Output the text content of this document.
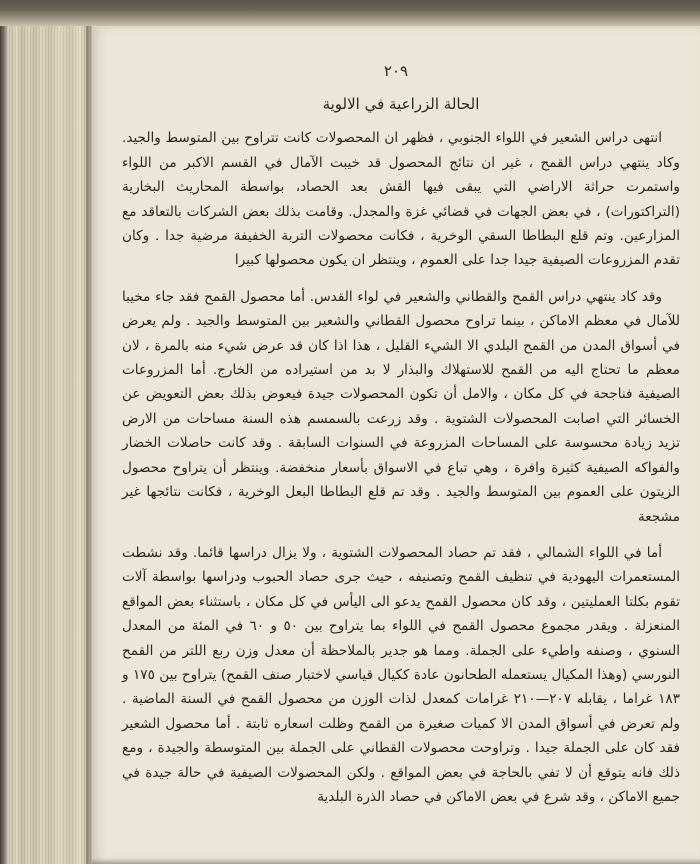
٢٠٩
الحالة الزراعية في الالوية

انتهى دراس الشعير في اللواء الجنوبي ، فظهر ان المحصولات كانت تتراوح بين المتوسط والجيد. وكاد ينتهي دراس القمح ، غير ان نتائج المحصول قد خيبت الآمال في القسم الاكبر من اللواء واستمرت حراثة الاراضي التي يبقى فيها القش بعد الحصاد، بواسطة المحاريث البخارية (التراكتورات) ، في بعض الجهات في قضائي غزة والمجدل. وقامت بذلك بعض الشركات بالتعاقد مع المزارعين. وتم قلع البطاطا السقي الوخرية ، فكانت محصولات التربة الخفيفة مرضية جدا . وكان تقدم المزروعات الصيفية جيدا جدا على العموم ، وينتظر ان يكون محصولها كبيرا

وقد كاد ينتهي دراس القمح والقطاني والشعير في لواء القدس. أما محصول القمح فقد جاء مخيبا للآمال في معظم الاماكن ، بينما تراوح محصول القطاني والشعير بين المتوسط والجيد . ولم يعرض في أسواق المدن من القمح البلدي الا الشيء القليل ، هذا اذا كان قد عرض شيء منه بالمرة ، لان معظم ما تحتاج اليه من القمح للاستهلاك والبذار لا بد من استيراده من الخارج. أما المزروعات الصيفية فناجحة في كل مكان ، والامل أن تكون المحصولات جيدة فيعوض بذلك بعض التعويض عن الخسائر التي اصابت المحصولات الشتوية . وقد زرعت بالسمسم هذه السنة مساحات من الارض تزيد زيادة محسوسة على المساحات المزروعة في السنوات السابقة . وقد كانت حاصلات الخضار والفواكه الصيفية كثيرة وافرة ، وهي تباع في الاسواق بأسعار منخفضة. وينتظر أن يتراوح محصول الزيتون على العموم بين المتوسط والجيد . وقد تم قلع البطاطا البعل الوخرية ، فكانت نتائجها غير مشجعة

أما في اللواء الشمالي ، فقد تم حصاد المحصولات الشتوية ، ولا يزال دراسها قائما. وقد نشطت المستعمرات اليهودية في تنظيف القمح وتصنيفه ، حيث جرى حصاد الحبوب ودراسها بواسطة آلات تقوم بكلتا العمليتين ، وقد كان محصول القمح يدعو الى اليأس في كل مكان ، باستثناء بعض المواقع المنعزلة . ويقدر مجموع محصول القمح في اللواء بما يتراوح بين ٥٠ و ٦٠ في المئة من المعدل السنوي ، وصنفه واطيء على الجملة. ومما هو جدير بالملاحظة أن معدل وزن ربع اللتر من القمح النورسي (وهذا المكيال يستعمله الطحانون عادة ككيال قياسي لاختبار صنف القمح) يتراوح بين ١٧٥ و ١٨٣ غراما ، يقابله ٢٠٧—٢١٠ غرامات كمعدل لذات الوزن من محصول القمح في السنة الماضية . ولم تعرض في أسواق المدن الا كميات صغيرة من القمح وظلت اسعاره ثابتة . أما محصول الشعير فقد كان على الجملة جيدا . وتراوحت محصولات القطاني على الجملة بين المتوسطة والجيدة ، ومع ذلك فانه يتوقع أن لا تفي بالحاجة في بعض المواقع . ولكن المحصولات الصيفية في حالة جيدة في جميع الاماكن ، وقد شرع في بعض الاماكن في حصاد الذرة البلدية
